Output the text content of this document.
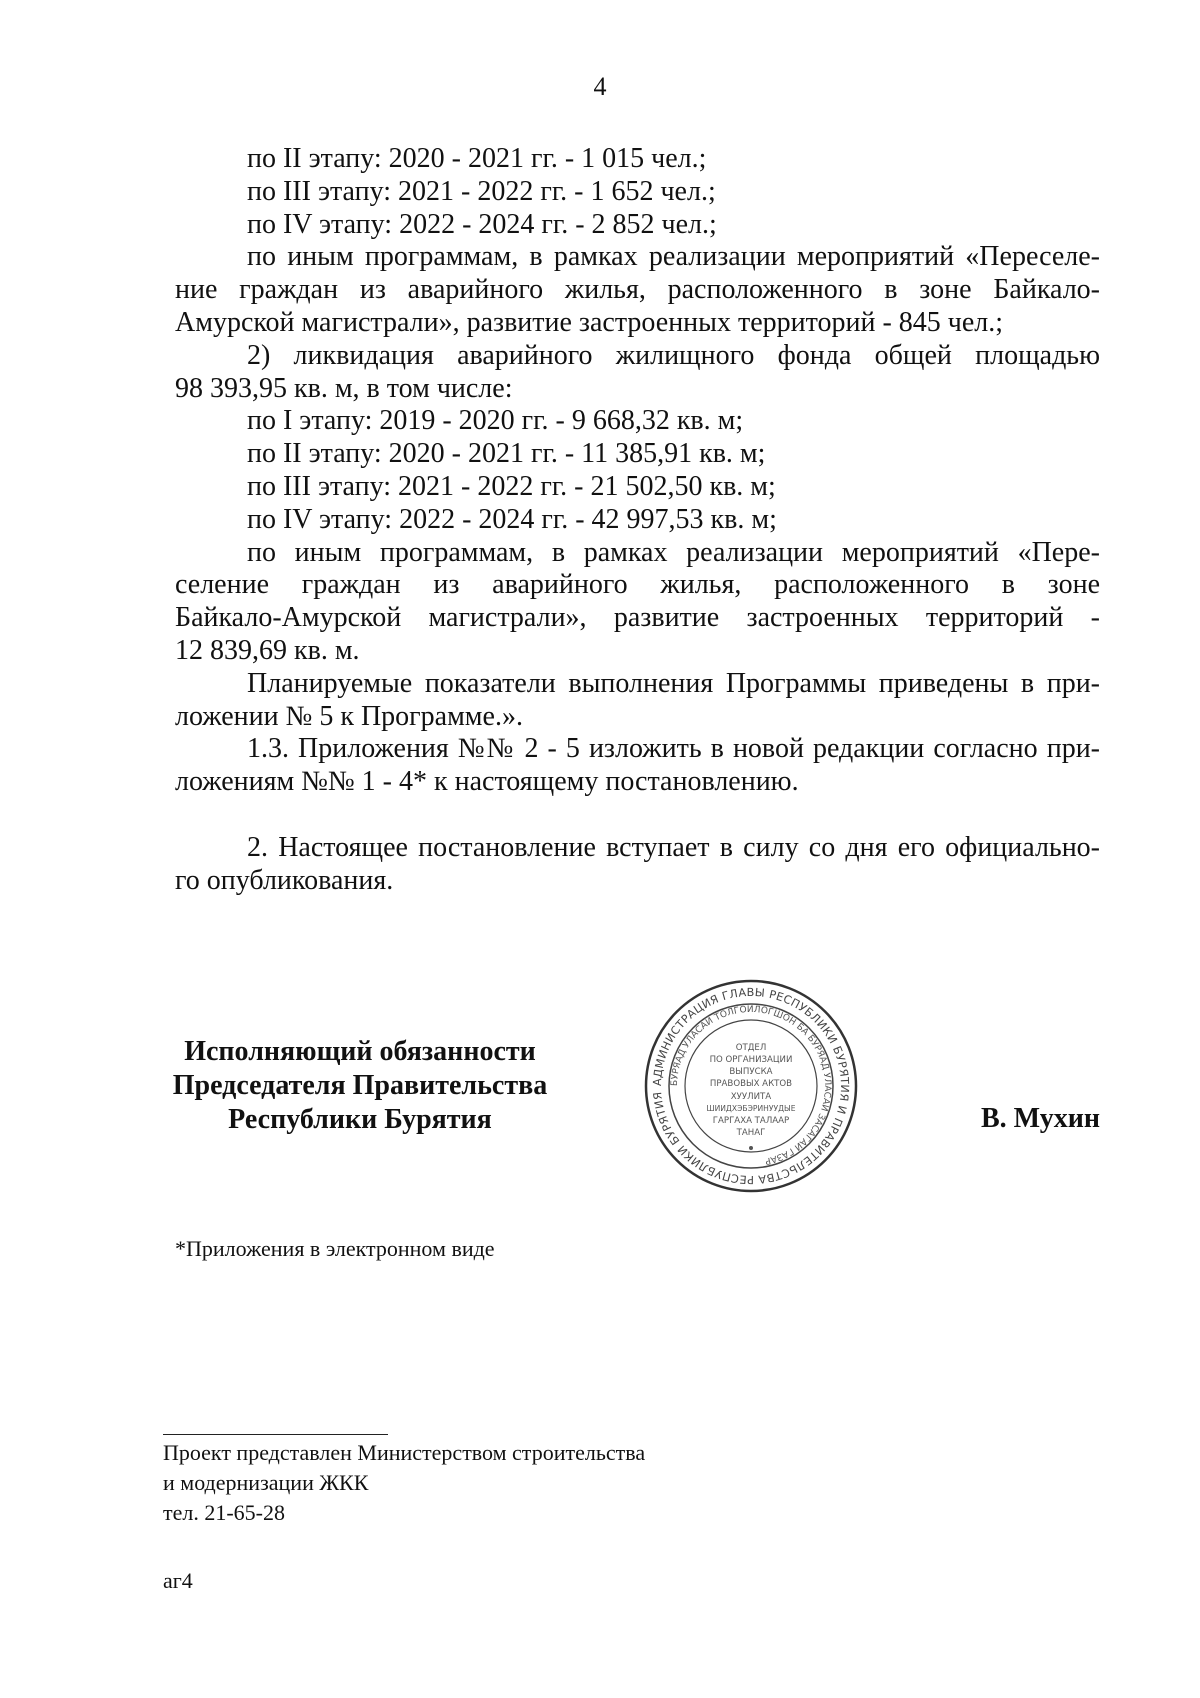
4

по II этапу: 2020 - 2021 гг. - 1 015 чел.;

по III этапу: 2021 - 2022 гг. - 1 652 чел.;

по IV этапу: 2022 - 2024 гг. - 2 852 чел.;

по иным программам, в рамках реализации мероприятий «Переселе-

ние граждан из аварийного жилья, расположенного в зоне Байкало-

Амурской магистрали», развитие застроенных территорий - 845 чел.;

2) ликвидация аварийного жилищного фонда общей площадью

98 393,95 кв. м, в том числе:

по I этапу: 2019 - 2020 гг. - 9 668,32 кв. м;

по II этапу: 2020 - 2021 гг. - 11 385,91 кв. м;

по III этапу: 2021 - 2022 гг. - 21 502,50 кв. м;

по IV этапу: 2022 - 2024 гг. - 42 997,53 кв. м;

по иным программам, в рамках реализации мероприятий «Пере-

селение граждан из аварийного жилья, расположенного в зоне

Байкало-Амурской магистрали», развитие застроенных территорий -

12 839,69 кв. м.

Планируемые показатели выполнения Программы приведены в при-

ложении № 5 к Программе.».

1.3. Приложения №№ 2 - 5 изложить в новой редакции согласно при-

ложениям №№ 1 - 4* к настоящему постановлению.

2. Настоящее постановление вступает в силу со дня его официально-

го опубликования.

Исполняющий обязанности
Председателя Правительства
Республики Бурятия
АДМИНИСТРАЦИЯ ГЛАВЫ РЕСПУБЛИКИ БУРЯТИЯ И ПРАВИТЕЛЬСТВА РЕСПУБЛИКИ БУРЯТИЯ
БУРЯАД УЛАСАЙ ТОЛГОЙЛОГШОН БА БУРЯАД УЛАСАЙ ЗАСАГАЙ ГАЗАР
ОТДЕЛ
ПО ОРГАНИЗАЦИИ
ВЫПУСКА
ПРАВОВЫХ АКТОВ
ХУУЛИТА
ШИИДХЭБЭРИНУУДЫЕ
ГАРГАХА ТАЛААР
ТАНАГ	В. Мухин
*Приложения в электронном виде
Проект представлен Министерством строительства
и модернизации ЖКК
тел. 21-65-28
аг4
